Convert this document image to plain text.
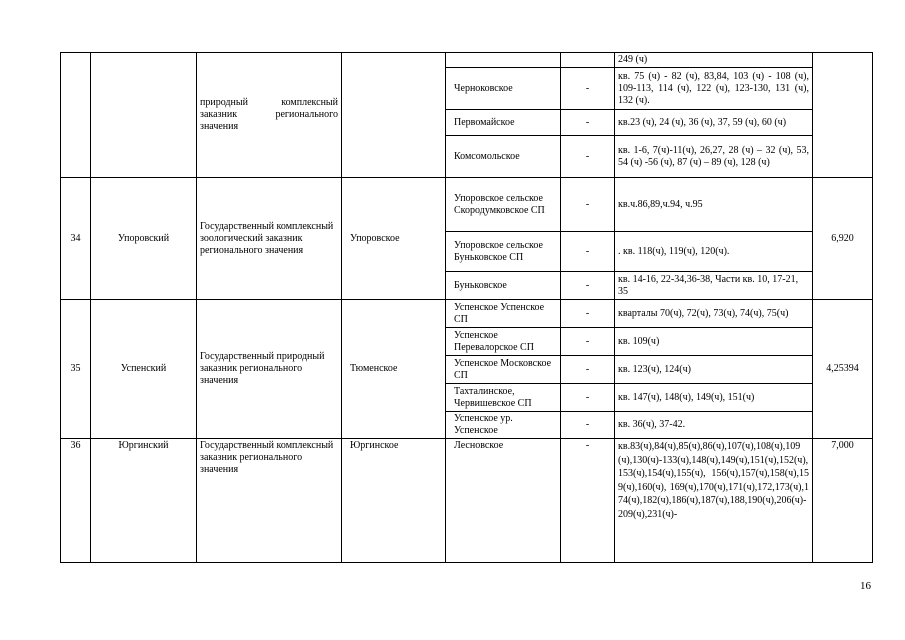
		природный комплексный заказник регионального значения				249 (ч)	
				Черноковское	-	кв. 75 (ч) - 82 (ч), 83,84, 103 (ч) - 108 (ч), 109-113, 114 (ч), 122 (ч), 123-130, 131 (ч), 132 (ч).	
				Первомайское	-	кв.23 (ч), 24 (ч), 36 (ч), 37, 59 (ч), 60 (ч)	
				Комсомольское	-	кв. 1-6, 7(ч)-11(ч), 26,27, 28 (ч) – 32 (ч), 53, 54 (ч) -56 (ч), 87 (ч) – 89 (ч), 128 (ч)	
34	Упоровский	Государственный комплексный зоологический заказник регионального значения	Упоровское	Упоровское сельское Скородумковское СП	-	кв.ч.86,89,ч.94, ч.95	6,920
				Упоровское сельское Буньковское СП	-	. кв. 118(ч), 119(ч), 120(ч).	
				Буньковское	-	кв. 14-16, 22-34,36-38, Части кв. 10, 17-21, 35	
35	Успенский	Государственный природный заказник регионального значения	Тюменское	Успенское Успенское СП	-	кварталы 70(ч), 72(ч), 73(ч), 74(ч), 75(ч)	4,25394
				Успенское Перевалорское СП	-	кв. 109(ч)	
				Успенское Московское СП	-	кв. 123(ч), 124(ч)	
				Тахталинское, Червишевское СП	-	кв. 147(ч), 148(ч), 149(ч), 151(ч)	
				Успенское ур. Успенское	-	кв. 36(ч), 37-42.	
36	Юргинский	Государственный комплексный заказник регионального значения	Юргинское	Лесновское	-	кв.83(ч),84(ч),85(ч),86(ч),107(ч),108(ч),109(ч),130(ч)-133(ч),148(ч),149(ч),151(ч),152(ч),153(ч),154(ч),155(ч), 156(ч),157(ч),158(ч),159(ч),160(ч), 169(ч),170(ч),171(ч),172,173(ч),174(ч),182(ч),186(ч),187(ч),188,190(ч),206(ч)- 209(ч),231(ч)-	7,000
16
